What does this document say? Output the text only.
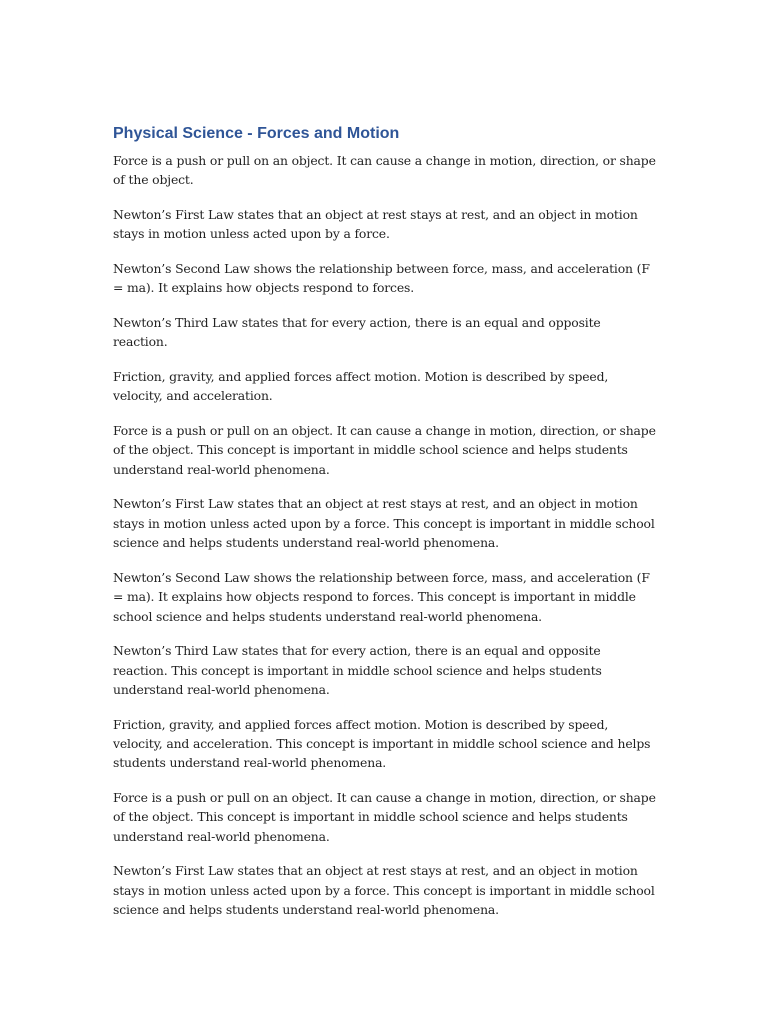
Physical Science - Forces and Motion

Force is a push or pull on an object. It can cause a change in motion, direction, or shape of the object.

Newton’s First Law states that an object at rest stays at rest, and an object in motion stays in motion unless acted upon by a force.

Newton’s Second Law shows the relationship between force, mass, and acceleration (F = ma). It explains how objects respond to forces.

Newton’s Third Law states that for every action, there is an equal and opposite reaction.

Friction, gravity, and applied forces affect motion. Motion is described by speed, velocity, and acceleration.

Force is a push or pull on an object. It can cause a change in motion, direction, or shape of the object. This concept is important in middle school science and helps students understand real-world phenomena.

Newton’s First Law states that an object at rest stays at rest, and an object in motion stays in motion unless acted upon by a force. This concept is important in middle school science and helps students understand real-world phenomena.

Newton’s Second Law shows the relationship between force, mass, and acceleration (F = ma). It explains how objects respond to forces. This concept is important in middle school science and helps students understand real-world phenomena.

Newton’s Third Law states that for every action, there is an equal and opposite reaction. This concept is important in middle school science and helps students understand real-world phenomena.

Friction, gravity, and applied forces affect motion. Motion is described by speed, velocity, and acceleration. This concept is important in middle school science and helps students understand real-world phenomena.

Force is a push or pull on an object. It can cause a change in motion, direction, or shape of the object. This concept is important in middle school science and helps students understand real-world phenomena.

Newton’s First Law states that an object at rest stays at rest, and an object in motion stays in motion unless acted upon by a force. This concept is important in middle school science and helps students understand real-world phenomena.
